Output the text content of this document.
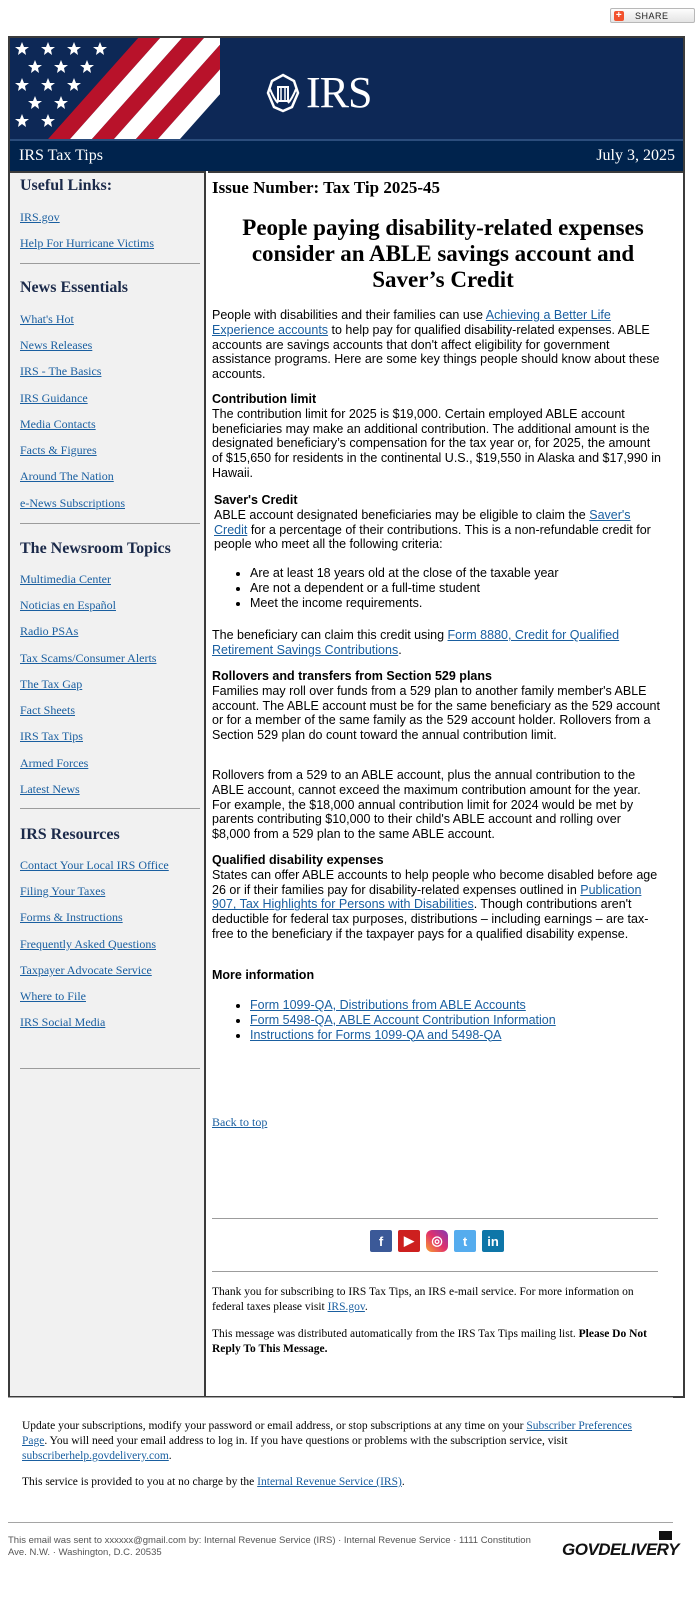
+ SHARE
IRS
IRS Tax Tips	July 3, 2025
Useful Links:
IRS.gov
Help For Hurricane Victims
News Essentials
What's Hot
News Releases
IRS - The Basics
IRS Guidance
Media Contacts
Facts & Figures
Around The Nation
e-News Subscriptions
The Newsroom Topics
Multimedia Center
Noticias en Español
Radio PSAs
Tax Scams/Consumer Alerts
The Tax Gap
Fact Sheets
IRS Tax Tips
Armed Forces
Latest News
IRS Resources
Contact Your Local IRS Office
Filing Your Taxes
Forms & Instructions
Frequently Asked Questions
Taxpayer Advocate Service
Where to File
IRS Social Media
Issue Number: Tax Tip 2025-45
People paying disability-related expenses consider an ABLE savings account and Saver’s Credit
People with disabilities and their families can use Achieving a Better Life Experience accounts to help pay for qualified disability-related expenses. ABLE accounts are savings accounts that don't affect eligibility for government assistance programs. Here are some key things people should know about these accounts.
Contribution limit
The contribution limit for 2025 is $19,000. Certain employed ABLE account beneficiaries may make an additional contribution. The additional amount is the designated beneficiary’s compensation for the tax year or, for 2025, the amount of $15,650 for residents in the continental U.S., $19,550 in Alaska and $17,990 in Hawaii.
Saver's Credit
ABLE account designated beneficiaries may be eligible to claim the Saver's Credit for a percentage of their contributions. This is a non-refundable credit for people who meet all the following criteria:
• Are at least 18 years old at the close of the taxable year
• Are not a dependent or a full-time student
• Meet the income requirements.
The beneficiary can claim this credit using Form 8880, Credit for Qualified Retirement Savings Contributions.
Rollovers and transfers from Section 529 plans
Families may roll over funds from a 529 plan to another family member's ABLE account. The ABLE account must be for the same beneficiary as the 529 account or for a member of the same family as the 529 account holder. Rollovers from a Section 529 plan do count toward the annual contribution limit.
Rollovers from a 529 to an ABLE account, plus the annual contribution to the ABLE account, cannot exceed the maximum contribution amount for the year. For example, the $18,000 annual contribution limit for 2024 would be met by parents contributing $10,000 to their child's ABLE account and rolling over $8,000 from a 529 plan to the same ABLE account.
Qualified disability expenses
States can offer ABLE accounts to help people who become disabled before age 26 or if their families pay for disability-related expenses outlined in Publication 907, Tax Highlights for Persons with Disabilities. Though contributions aren't deductible for federal tax purposes, distributions – including earnings – are tax-free to the beneficiary if the taxpayer pays for a qualified disability expense.
More information
• Form 1099-QA, Distributions from ABLE Accounts
• Form 5498-QA, ABLE Account Contribution Information
• Instructions for Forms 1099-QA and 5498-QA
Back to top
f	▶	◎	t	in
Thank you for subscribing to IRS Tax Tips, an IRS e-mail service. For more information on federal taxes please visit IRS.gov.
This message was distributed automatically from the IRS Tax Tips mailing list. Please Do Not Reply To This Message.
Update your subscriptions, modify your password or email address, or stop subscriptions at any time on your Subscriber Preferences Page. You will need your email address to log in. If you have questions or problems with the subscription service, visit subscriberhelp.govdelivery.com.
This service is provided to you at no charge by the Internal Revenue Service (IRS).
This email was sent to xxxxxx@gmail.com by: Internal Revenue Service (IRS) · Internal Revenue Service · 1111 Constitution Ave. N.W. · Washington, D.C. 20535	GOVDELIVERY
